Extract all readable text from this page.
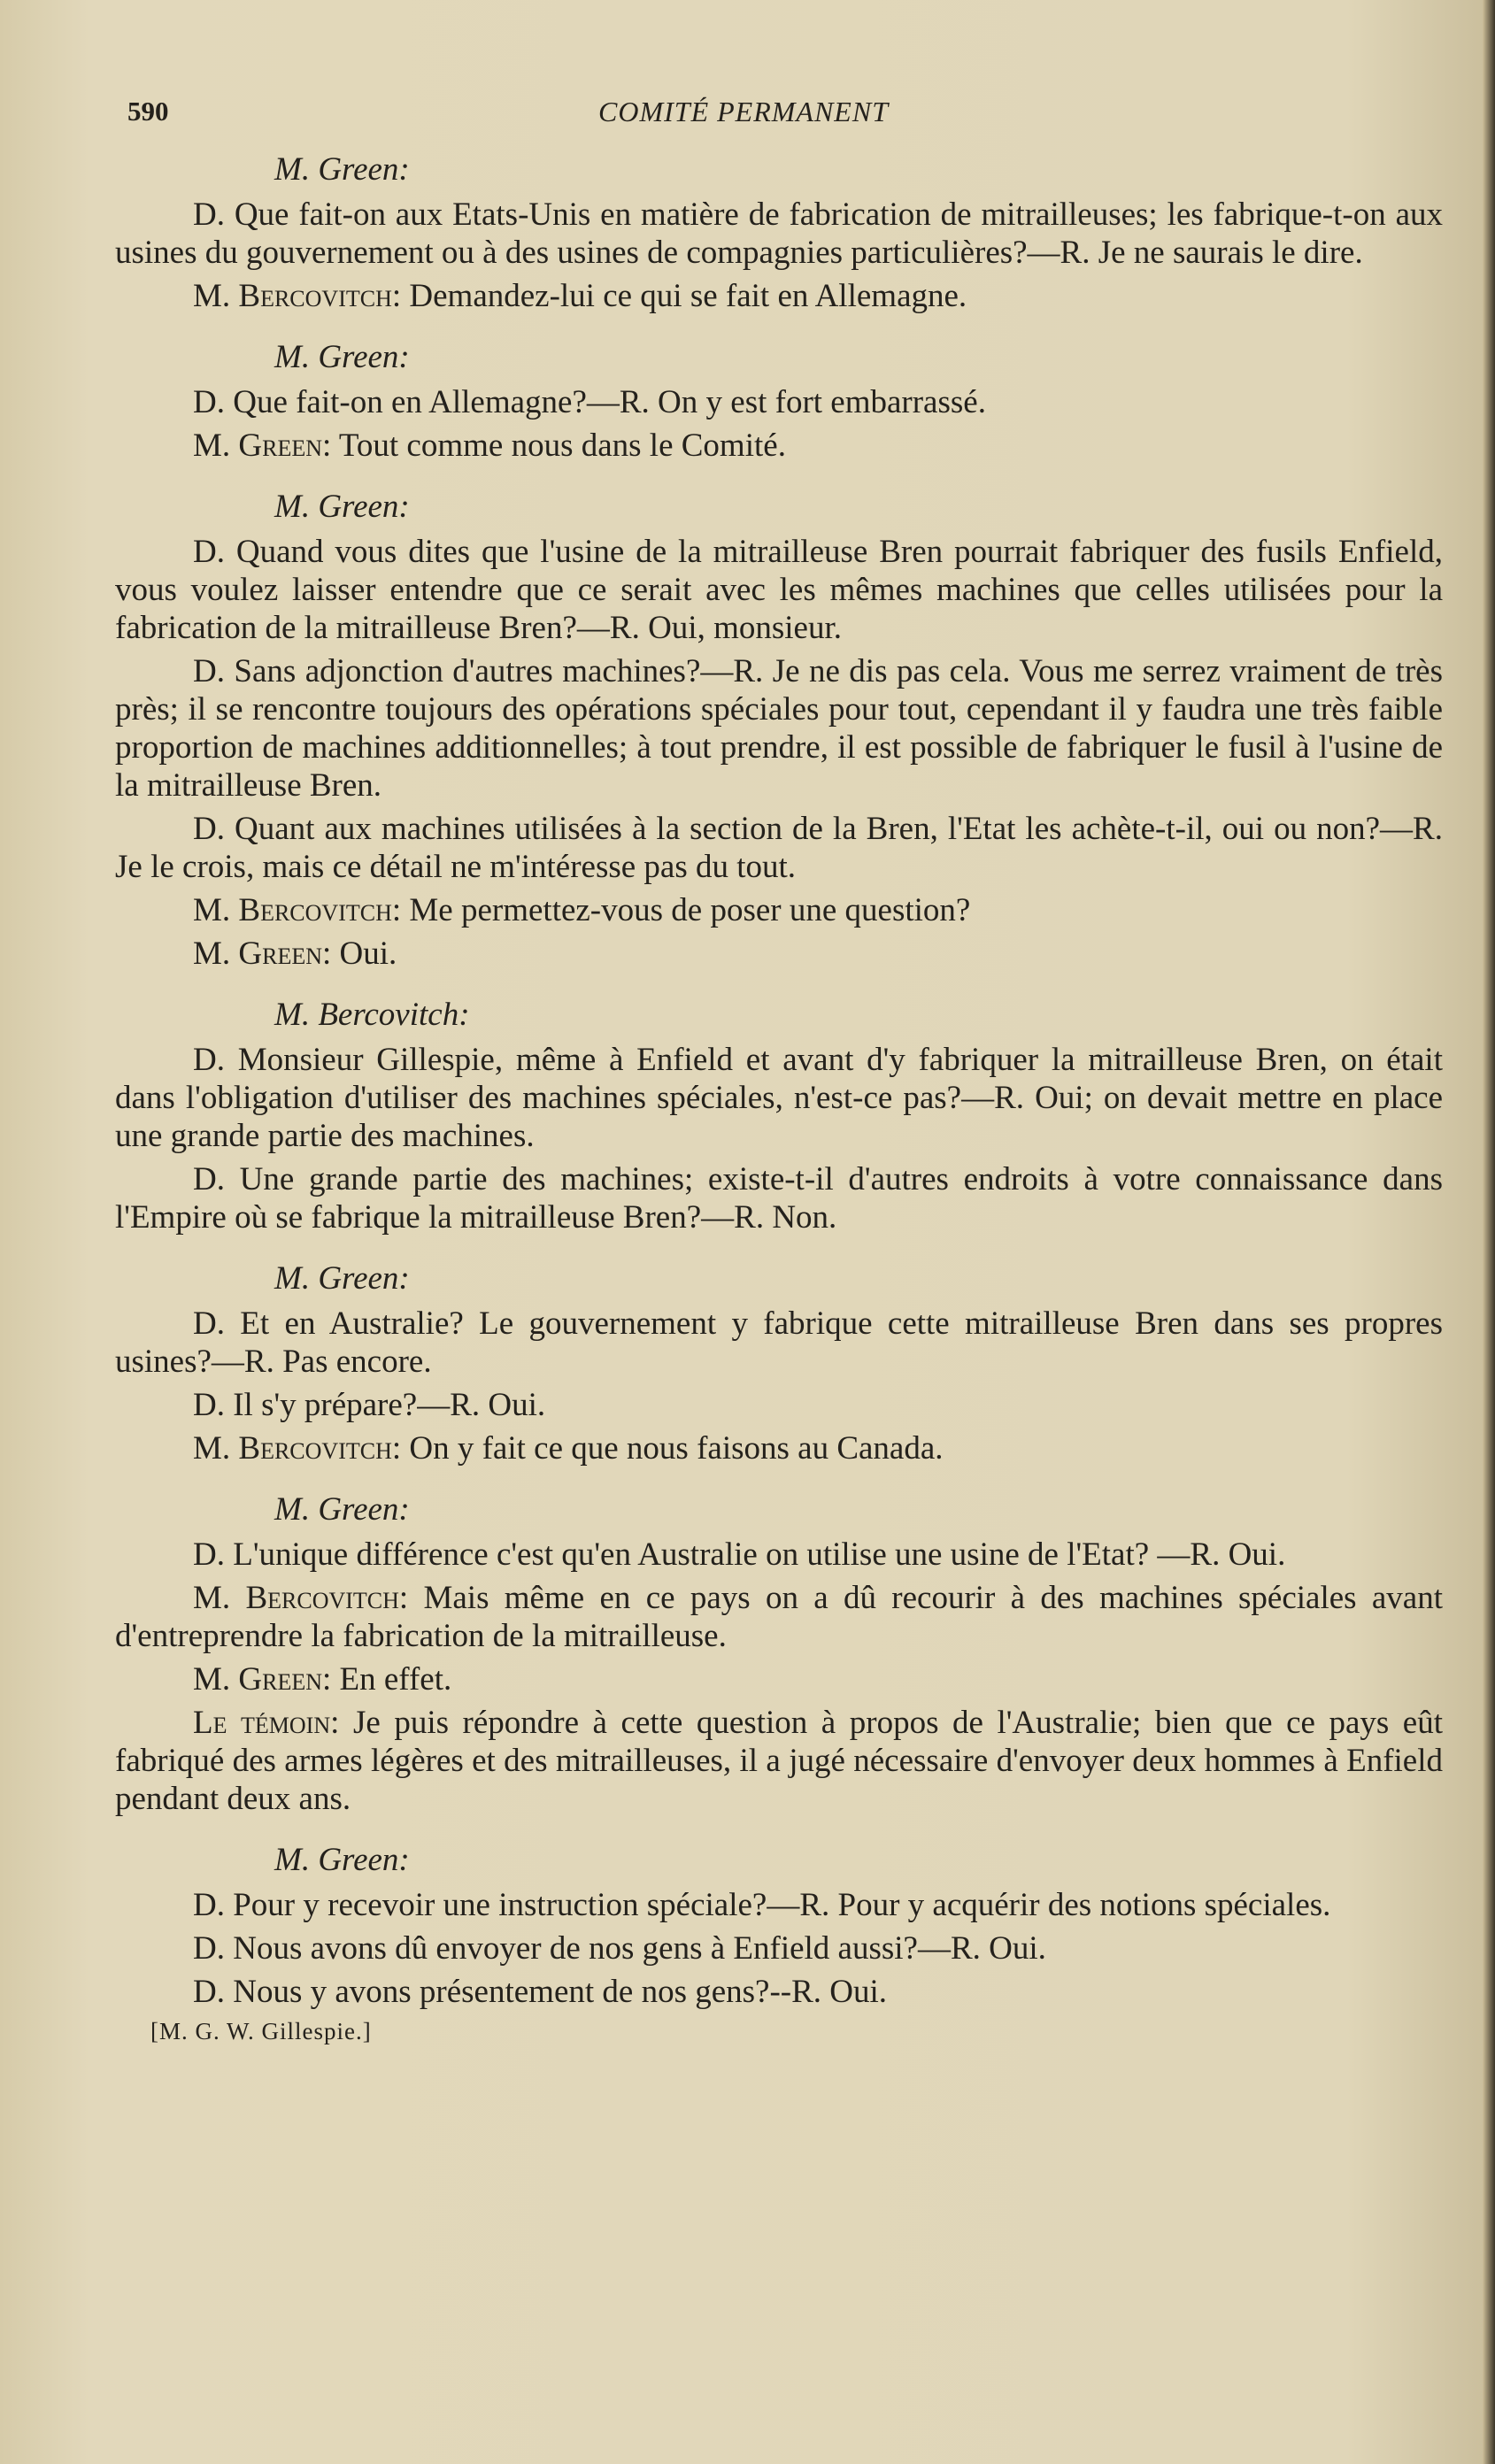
590	COMITÉ PERMANENT

M. Green:

D. Que fait-on aux Etats-Unis en matière de fabrication de mitrailleuses; les fabrique-t-on aux usines du gouvernement ou à des usines de compagnies particulières?—R. Je ne saurais le dire.

M. Bercovitch: Demandez-lui ce qui se fait en Allemagne.

M. Green:

D. Que fait-on en Allemagne?—R. On y est fort embarrassé.

M. Green: Tout comme nous dans le Comité.

M. Green:

D. Quand vous dites que l'usine de la mitrailleuse Bren pourrait fabriquer des fusils Enfield, vous voulez laisser entendre que ce serait avec les mêmes machines que celles utilisées pour la fabrication de la mitrailleuse Bren?—R. Oui, monsieur.

D. Sans adjonction d'autres machines?—R. Je ne dis pas cela. Vous me serrez vraiment de très près; il se rencontre toujours des opérations spéciales pour tout, cependant il y faudra une très faible proportion de machines additionnelles; à tout prendre, il est possible de fabriquer le fusil à l'usine de la mitrailleuse Bren.

D. Quant aux machines utilisées à la section de la Bren, l'Etat les achète-t-il, oui ou non?—R. Je le crois, mais ce détail ne m'intéresse pas du tout.

M. Bercovitch: Me permettez-vous de poser une question?

M. Green: Oui.

M. Bercovitch:

D. Monsieur Gillespie, même à Enfield et avant d'y fabriquer la mitrailleuse Bren, on était dans l'obligation d'utiliser des machines spéciales, n'est-ce pas?—R. Oui; on devait mettre en place une grande partie des machines.

D. Une grande partie des machines; existe-t-il d'autres endroits à votre connaissance dans l'Empire où se fabrique la mitrailleuse Bren?—R. Non.

M. Green:

D. Et en Australie? Le gouvernement y fabrique cette mitrailleuse Bren dans ses propres usines?—R. Pas encore.

D. Il s'y prépare?—R. Oui.

M. Bercovitch: On y fait ce que nous faisons au Canada.

M. Green:

D. L'unique différence c'est qu'en Australie on utilise une usine de l'Etat? —R. Oui.

M. Bercovitch: Mais même en ce pays on a dû recourir à des machines spéciales avant d'entreprendre la fabrication de la mitrailleuse.

M. Green: En effet.

Le témoin: Je puis répondre à cette question à propos de l'Australie; bien que ce pays eût fabriqué des armes légères et des mitrailleuses, il a jugé nécessaire d'envoyer deux hommes à Enfield pendant deux ans.

M. Green:

D. Pour y recevoir une instruction spéciale?—R. Pour y acquérir des notions spéciales.

D. Nous avons dû envoyer de nos gens à Enfield aussi?—R. Oui.

D. Nous y avons présentement de nos gens?--R. Oui.

[M. G. W. Gillespie.]
